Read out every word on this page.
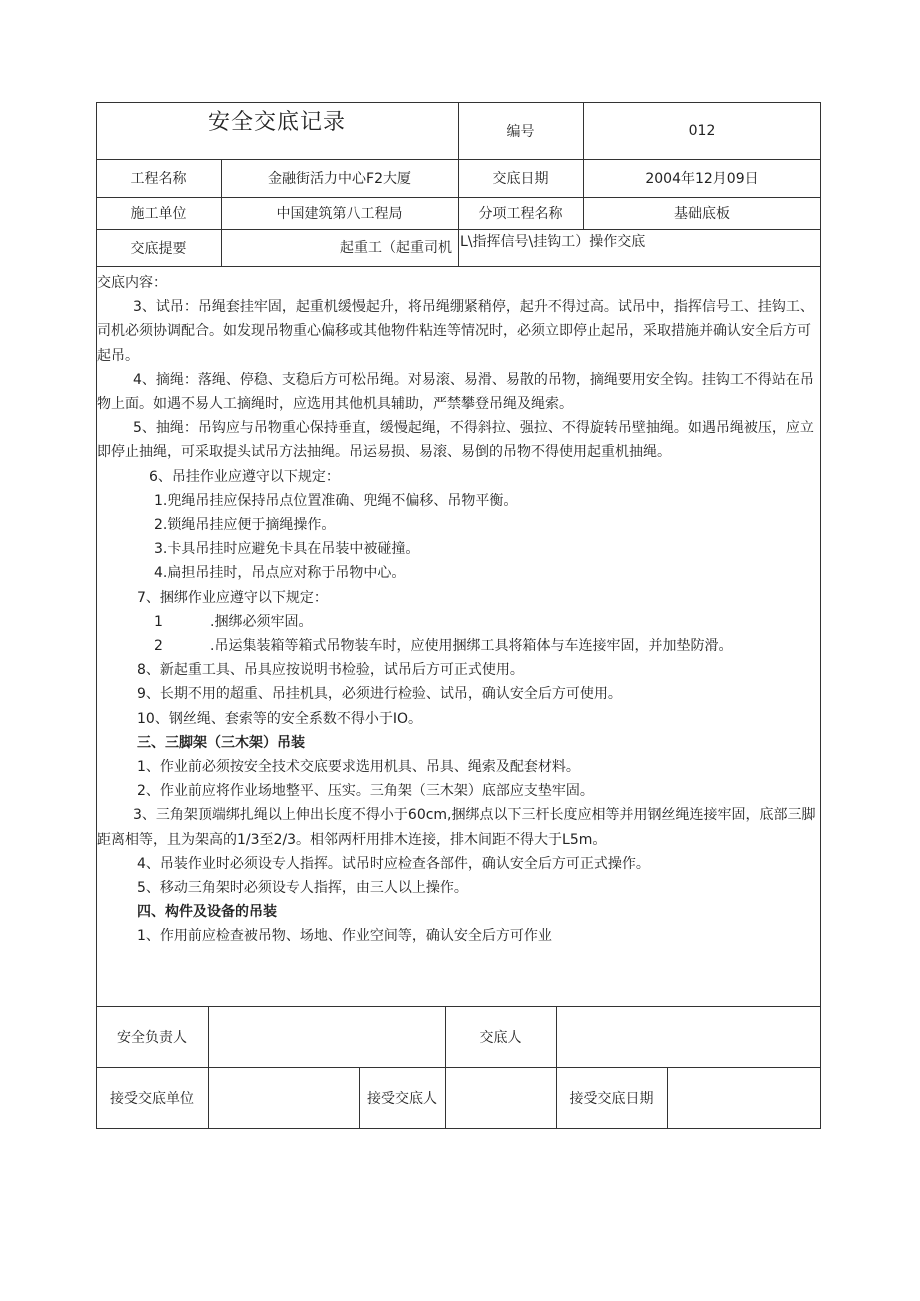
安全交底记录	编号	012
工程名称	金融街活力中心F2大厦	交底日期	2004年12月09日
施工单位	中国建筑第八工程局	分项工程名称	基础底板
交底提要	起重工（起重司机 L\指挥信号\挂钩工）操作交底

交底内容：

3、试吊：吊绳套挂牢固，起重机缓慢起升，将吊绳绷紧稍停，起升不得过高。试吊中，指挥信号工、挂钩工、司机必须协调配合。如发现吊物重心偏移或其他物件粘连等情况时，必须立即停止起吊，采取措施并确认安全后方可起吊。

4、摘绳：落绳、停稳、支稳后方可松吊绳。对易滚、易滑、易散的吊物，摘绳要用安全钩。挂钩工不得站在吊物上面。如遇不易人工摘绳时，应选用其他机具辅助，严禁攀登吊绳及绳索。

5、抽绳：吊钩应与吊物重心保持垂直，缓慢起绳，不得斜拉、强拉、不得旋转吊壁抽绳。如遇吊绳被压，应立即停止抽绳，可采取提头试吊方法抽绳。吊运易损、易滚、易倒的吊物不得使用起重机抽绳。

6、吊挂作业应遵守以下规定：

1.兜绳吊挂应保持吊点位置准确、兜绳不偏移、吊物平衡。

2.锁绳吊挂应便于摘绳操作。

3.卡具吊挂时应避免卡具在吊装中被碰撞。

4.扁担吊挂时，吊点应对称于吊物中心。

7、捆绑作业应遵守以下规定：

1	.捆绑必须牢固。

2	.吊运集装箱等箱式吊物装车时，应使用捆绑工具将箱体与车连接牢固，并加垫防滑。

8、新起重工具、吊具应按说明书检验，试吊后方可正式使用。

9、长期不用的超重、吊挂机具，必须进行检验、试吊，确认安全后方可使用。

10、钢丝绳、套索等的安全系数不得小于IO。

三、三脚架（三木架）吊装

1、作业前必须按安全技术交底要求选用机具、吊具、绳索及配套材料。

2、作业前应将作业场地整平、压实。三角架（三木架）底部应支垫牢固。

3、三角架顶端绑扎绳以上伸出长度不得小于60cm,捆绑点以下三杆长度应相等并用钢丝绳连接牢固，底部三脚距离相等，且为架高的1/3至2/3。相邻两杆用排木连接，排木间距不得大于L5m。

4、吊装作业时必须设专人指挥。试吊时应检查各部件，确认安全后方可正式操作。

5、移动三角架时必须设专人指挥，由三人以上操作。

四、构件及设备的吊装

1、作用前应检查被吊物、场地、作业空间等，确认安全后方可作业

安全负责人	交底人
接受交底单位	接受交底人	接受交底日期
